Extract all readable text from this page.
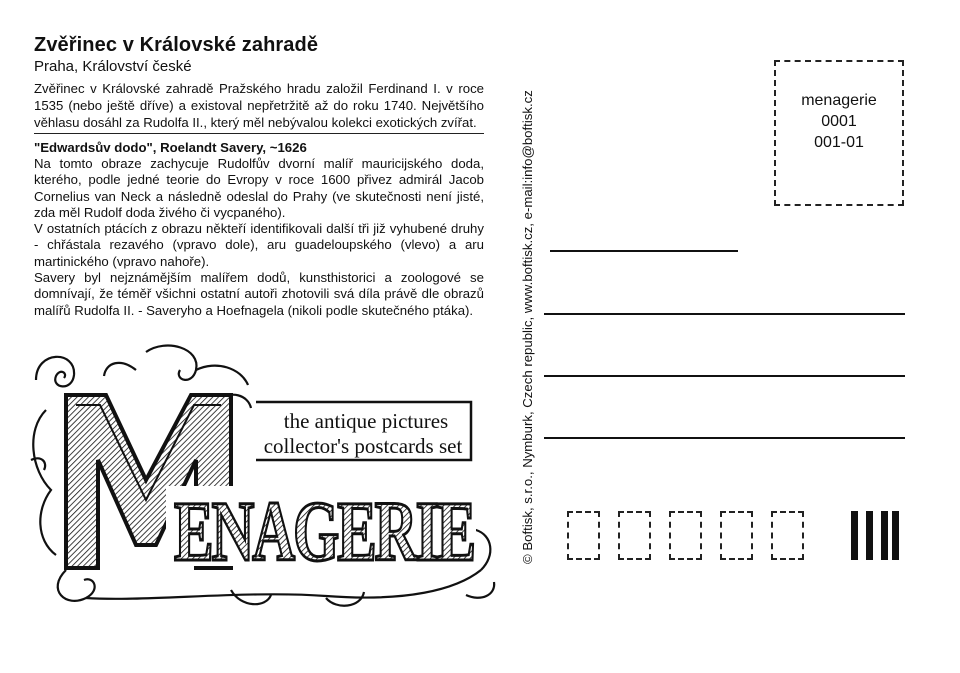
Zvěřinec v Královské zahradě
Praha, Království české
Zvěřinec v Královské zahradě Pražského hradu založil Ferdinand I. v roce 1535 (nebo ještě dříve) a existoval nepřetržitě až do roku 1740. Největšího věhlasu dosáhl za Rudolfa II., který měl nebývalou kolekci exotických zvířat.
"Edwardsův dodo", Roelandt Savery, ~1626

Na tomto obraze zachycuje Rudolfův dvorní malíř mauricijského doda, kterého, podle jedné teorie do Evropy v roce 1600 přivez admirál Jacob Cornelius van Neck a následně odeslal do Prahy (ve skutečnosti není jisté, zda měl Rudolf doda živého či vycpaného).

V ostatních ptácích z obrazu někteří identifikovali další tři již vyhubené druhy - chřástala rezavého (vpravo dole), aru guadeloupského (vlevo) a aru martinického (vpravo nahoře).

Savery byl nejznámějším malířem dodů, kunsthistorici a zoologové se domnívají, že téměř všichni ostatní autoři zhotovili svá díla právě dle obrazů malířů Rudolfa II. - Saveryho a Hoefnagela (nikoli podle skutečného ptáka).

the antique pictures
collector's postcards set
ENAGERIE	© Boftisk, s.r.o., Nymburk, Czech republic, www.boftisk.cz, e-mail:info@boftisk.cz	menagerie
0001
001-01
